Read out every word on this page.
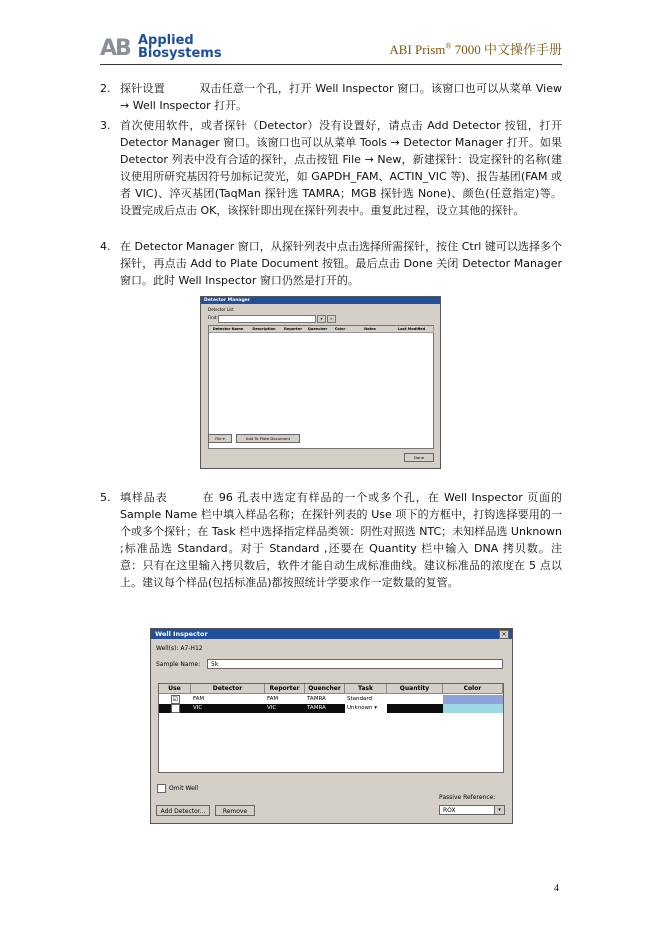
AB Applied
Biosystems	ABI Prism® 7000 中文操作手册
2. 探针设置	双击任意一个孔，打开 Well Inspector 窗口。该窗口也可以从菜单 View → Well Inspector 打开。
3. 首次使用软件，或者探针（Detector）没有设置好，请点击 Add Detector 按钮，打开 Detector Manager 窗口。该窗口也可以从菜单 Tools → Detector Manager 打开。如果 Detector 列表中没有合适的探针，点击按钮 File → New，新建探针：设定探针的名称(建议使用所研究基因符号加标记荧光，如 GAPDH_FAM、ACTIN_VIC 等)、报告基团(FAM 或者 VIC)、淬灭基团(TaqMan 探针选 TAMRA；MGB 探针选 None)、颜色(任意指定)等。设置完成后点击 OK，该探针即出现在探针列表中。重复此过程，设立其他的探针。
4. 在 Detector Manager 窗口，从探针列表中点击选择所需探针，按住 Ctrl 键可以选择多个探针，再点击 Add to Plate Document 按钮。最后点击 Done 关闭 Detector Manager 窗口。此时 Well Inspector 窗口仍然是打开的。
5. 填样品表	在 96 孔表中选定有样品的一个或多个孔，在 Well Inspector 页面的 Sample Name 栏中填入样品名称；在探针列表的 Use 项下的方框中，打钩选择要用的一个或多个探针；在 Task 栏中选择指定样品类领：阴性对照选 NTC；未知样品选 Unknown ;标准品选 Standard。对于 Standard ,还要在 Quantity 栏中输入 DNA 拷贝数。注　意：只有在这里输入拷贝数后，软件才能自动生成标准曲线。建议标准品的浓度在 5 点以上。建议每个样品(包括标准品)都按照统计学要求作一定数量的复管。
Detector Manager
Detector List
Find:	▾	»
Detector Name	Description	Reporter	Quencher	Color	Notes	Last Modified
File ▾	Add To Plate Document
Done
Well Inspector	×
Well(s): A7-H12
Sample Name:	5k
Use	Detector	Reporter	Quencher	Task	Quantity	Color
☑	FAM	FAM	TAMRA	Standard
☑	VIC	VIC	TAMRA	Unknown ▾
Omit Well
Add Detector...	Remove
Passive Reference:
ROX	▾
4
